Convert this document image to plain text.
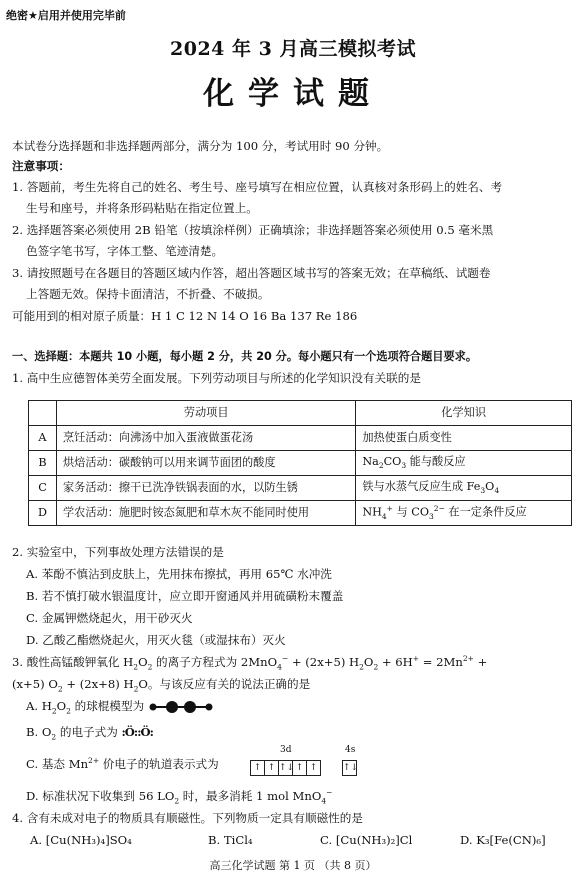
绝密★启用并使用完毕前
2024 年 3 月高三模拟考试
化学试题
本试卷分选择题和非选择题两部分，满分为 100 分，考试用时 90 分钟。
注意事项：
1. 答题前，考生先将自己的姓名、考生号、座号填写在相应位置，认真核对条形码上的姓名、考
生号和座号，并将条形码粘贴在指定位置上。
2. 选择题答案必须使用 2B 铅笔（按填涂样例）正确填涂；非选择题答案必须使用 0.5 毫米黑
色签字笔书写，字体工整、笔迹清楚。
3. 请按照题号在各题目的答题区域内作答，超出答题区域书写的答案无效；在草稿纸、试题卷
上答题无效。保持卡面清洁，不折叠、不破损。
可能用到的相对原子质量：H 1 C 12 N 14 O 16 Ba 137 Re 186
一、选择题：本题共 10 小题，每小题 2 分，共 20 分。每小题只有一个选项符合题目要求。
1. 高中生应德智体美劳全面发展。下列劳动项目与所述的化学知识没有关联的是
	劳动项目	化学知识
A	烹饪活动：向沸汤中加入蛋液做蛋花汤	加热使蛋白质变性
B	烘焙活动：碳酸钠可以用来调节面团的酸度	$Na_2CO_3$ 能与酸反应
C	家务活动：擦干已洗净铁锅表面的水，以防生锈	铁与水蒸气反应生成 $Fe_3O_4$
D	学农活动：施肥时铵态氮肥和草木灰不能同时使用	$NH_4^+$ 与 $CO_3^{2-}$ 在一定条件反应
2. 实验室中，下列事故处理方法错误的是
A. 苯酚不慎沾到皮肤上，先用抹布擦拭，再用 65℃ 水冲洗
B. 若不慎打破水银温度计，应立即开窗通风并用硫磺粉末覆盖
C. 金属钾燃烧起火，用干砂灭火
D. 乙酸乙酯燃烧起火，用灭火毯（或湿抹布）灭火
3. 酸性高锰酸钾氧化 $H_2O_2$ 的离子方程式为 2MnO$_4$− + (2x+5) $H_2O_2 + 6H^+ = 2Mn^{2+}$ +
(x+5) $O_2 + (2x+8)$ $H_2O$。与该反应有关的说法正确的是
A. $H_2O_2$ 的球棍模型为
B. $O_2$ 的电子式为 :Ö::Ö:
C. 基态 $Mn^{2+}$ 价电子的轨道表示式为
3d
↑ ↑ ↑↓ ↑ ↑
4s
↑↓
D. 标准状况下收集到 56 $LO_2$ 时，最多消耗 1 mol MnO$_4$−
4. 含有未成对电子的物质具有顺磁性。下列物质一定具有顺磁性的是
A. [Cu(NH₃)₄]SO₄	B. TiCl₄	C. [Cu(NH₃)₂]Cl	D. K₃[Fe(CN)₆]
高三化学试题 第 1 页 （共 8 页）
